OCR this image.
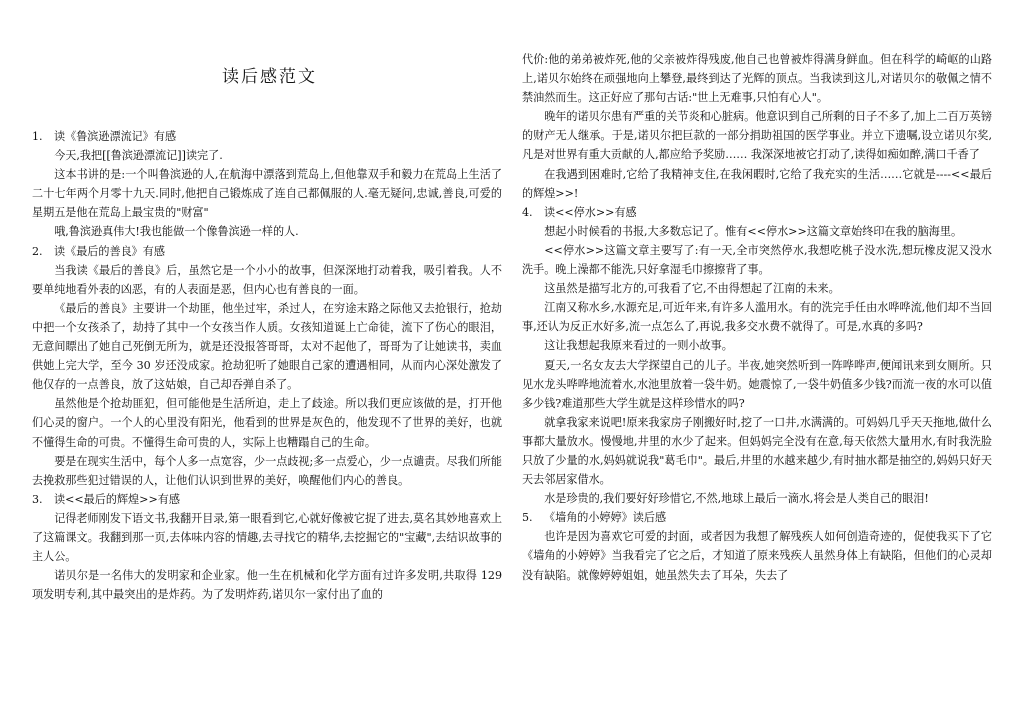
读后感范文
1. 读《鲁滨逊漂流记》有感

今天,我把[[鲁滨逊漂流记]]读完了.

这本书讲的是:一个叫鲁滨逊的人,在航海中漂落到荒岛上,但他靠双手和毅力在荒岛上生活了二十七年两个月零十九天.同时,他把自己锻炼成了连自己都佩服的人.毫无疑问,忠诚,善良,可爱的星期五是他在荒岛上最宝贵的"财富"

哦,鲁滨逊真伟大!我也能做一个像鲁滨逊一样的人.

2. 读《最后的善良》有感

当我读《最后的善良》后，虽然它是一个小小的故事，但深深地打动着我，吸引着我。人不要单纯地看外表的凶恶，有的人表面是恶，但内心也有善良的一面。

《最后的善良》主要讲一个劫匪，他坐过牢，杀过人，在穷途末路之际他又去抢银行，抢劫中把一个女孩杀了，劫持了其中一个女孩当作人质。女孩知道诞上亡命徒，流下了伤心的眼泪，无意间瞟出了她自己死倒无所为，就是还没报答哥哥，太对不起他了，哥哥为了让她读书，卖血供她上完大学，至今 30 岁还没成家。抢劫犯听了她眼自己家的遭遇相同，从而内心深处激发了他仅存的一点善良，放了这姑娘，自己却吞弹自杀了。

虽然他是个抢劫匪犯，但可能他是生活所迫，走上了歧途。所以我们更应该做的是，打开他们心灵的窗户。一个人的心里没有阳光，他看到的世界是灰色的，他发现不了世界的美好，也就不懂得生命的可贵。不懂得生命可贵的人，实际上也糟蹋自己的生命。

要是在现实生活中，每个人多一点宽容，少一点歧视;多一点爱心，少一点谴责。尽我们所能去挽救那些犯过错误的人，让他们认识到世界的美好，唤醒他们内心的善良。

3. 读<<最后的辉煌>>有感

记得老师刚发下语文书,我翻开目录,第一眼看到它,心就好像被它捉了进去,莫名其妙地喜欢上了这篇课文。我翻到那一页,去体味内容的情趣,去寻找它的精华,去挖掘它的"宝藏",去结识故事的主人公。

诺贝尔是一名伟大的发明家和企业家。他一生在机械和化学方面有过许多发明,共取得 129 项发明专利,其中最突出的是炸药。为了发明炸药,诺贝尔一家付出了血的

代价:他的弟弟被炸死,他的父亲被炸得残废,他自己也曾被炸得满身鲜血。但在科学的崎岖的山路上,诺贝尔始终在顽强地向上攀登,最终到达了光辉的顶点。当我读到这儿,对诺贝尔的敬佩之情不禁油然而生。这正好应了那句古话:"世上无难事,只怕有心人"。

晚年的诺贝尔患有严重的关节炎和心脏病。他意识到自己所剩的日子不多了,加上二百万英镑的财产无人继承。于是,诺贝尔把巨款的一部分捐助祖国的医学事业。并立下遗嘱,设立诺贝尔奖,凡是对世界有重大贡献的人,都应给予奖励…… 我深深地被它打动了,读得如痴如醉,满口千香了

在我遇到困难时,它给了我精神支住,在我闲暇时,它给了我充实的生活……它就是----<<最后的辉煌>>!

4. 读<<停水>>有感

想起小时候看的书报,大多数忘记了。惟有<<停水>>这篇文章始终印在我的脑海里。

<<停水>>这篇文章主要写了:有一天,全市突然停水,我想吃桃子没水洗,想玩橡皮泥又没水洗手。晚上澡都不能洗,只好拿湿毛巾擦擦背了事。

这虽然是描写北方的,可我看了它,不由得想起了江南的未来。

江南又称水乡,水源充足,可近年来,有许多人滥用水。有的洗完手任由水哗哗流,他们却不当回事,还认为反正水好多,流一点怎么了,再说,我多交水费不就得了。可是,水真的多吗?

这让我想起我原来看过的一则小故事。

夏天,一名女友去大学探望自己的儿子。半夜,她突然听到一阵哗哗声,便闻讯来到女厕所。只见水龙头哗哗地流着水,水池里放着一袋牛奶。她震惊了,一袋牛奶值多少钱?而流一夜的水可以值多少钱?难道那些大学生就是这样珍惜水的吗?

就拿我家来说吧!原来我家房子刚搬好时,挖了一口井,水满满的。可妈妈几乎天天拖地,做什么事都大量放水。慢慢地,井里的水少了起来。但妈妈完全没有在意,每天依然大量用水,有时我洗脸只放了少量的水,妈妈就说我"葛毛巾"。最后,井里的水越来越少,有时抽水都是抽空的,妈妈只好天天去邻居家借水。

水是珍贵的,我们要好好珍惜它,不然,地球上最后一滴水,将会是人类自己的眼泪!

5. 《墙角的小婷婷》读后感

也许是因为喜欢它可爱的封面，或者因为我想了解残疾人如何创造奇迹的，促使我买下了它《墙角的小婷婷》当我看完了它之后，才知道了原来残疾人虽然身体上有缺陷，但他们的心灵却没有缺陷。就像婷婷姐姐，她虽然失去了耳朵，失去了
